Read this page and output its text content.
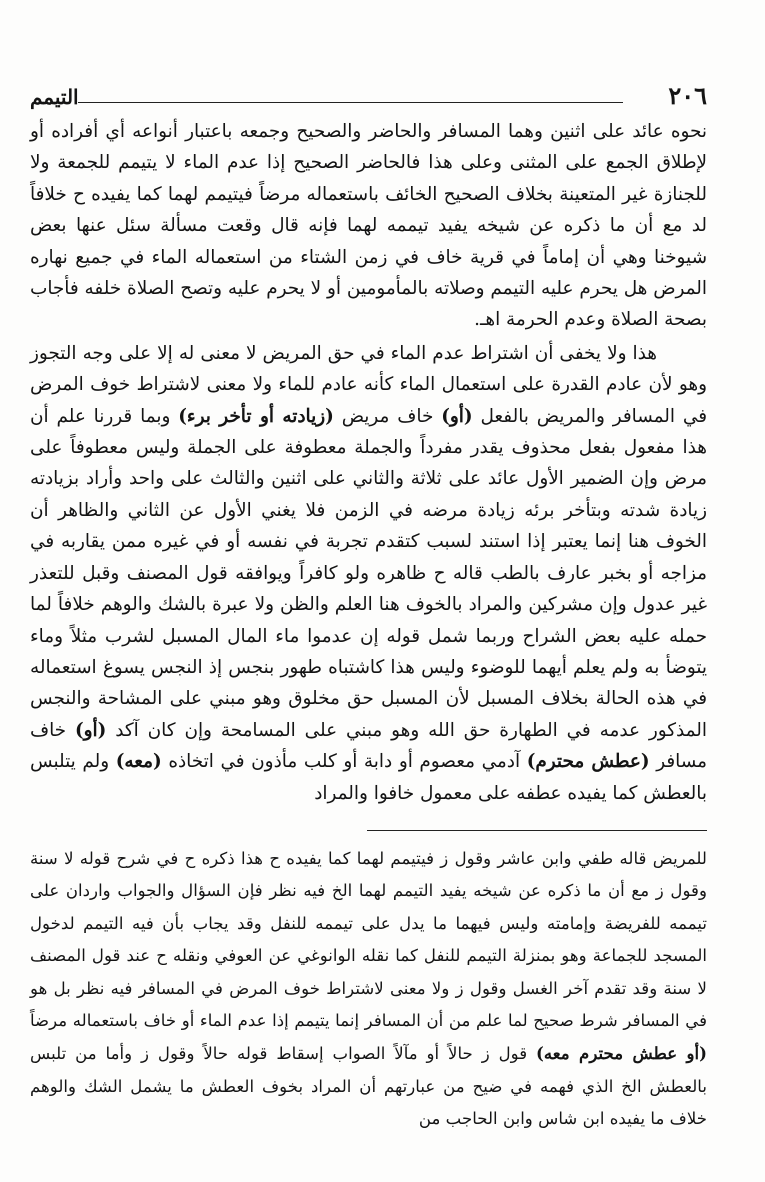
٢٠٦
التيمم

نحوه عائد على اثنين وهما المسافر والحاضر والصحيح وجمعه باعتبار أنواعه أي أفراده أو لإطلاق الجمع على المثنى وعلى هذا فالحاضر الصحيح إذا عدم الماء لا يتيمم للجمعة ولا للجنازة غير المتعينة بخلاف الصحيح الخائف باستعماله مرضاً فيتيمم لهما كما يفيده ح خلافاً لد مع أن ما ذكره عن شيخه يفيد تيممه لهما فإنه قال وقعت مسألة سئل عنها بعض شيوخنا وهي أن إماماً في قرية خاف في زمن الشتاء من استعماله الماء في جميع نهاره المرض هل يحرم عليه التيمم وصلاته بالمأمومين أو لا يحرم عليه وتصح الصلاة خلفه فأجاب بصحة الصلاة وعدم الحرمة اهـ.

هذا ولا يخفى أن اشتراط عدم الماء في حق المريض لا معنى له إلا على وجه التجوز وهو لأن عادم القدرة على استعمال الماء كأنه عادم للماء ولا معنى لاشتراط خوف المرض في المسافر والمريض بالفعل (أو) خاف مريض (زيادته أو تأخر برء) وبما قررنا علم أن هذا مفعول بفعل محذوف يقدر مفرداً والجملة معطوفة على الجملة وليس معطوفاً على مرض وإن الضمير الأول عائد على ثلاثة والثاني على اثنين والثالث على واحد وأراد بزيادته زيادة شدته وبتأخر برئه زيادة مرضه في الزمن فلا يغني الأول عن الثاني والظاهر أن الخوف هنا إنما يعتبر إذا استند لسبب كتقدم تجربة في نفسه أو في غيره ممن يقاربه في مزاجه أو بخبر عارف بالطب قاله ح ظاهره ولو كافراً ويوافقه قول المصنف وقبل للتعذر غير عدول وإن مشركين والمراد بالخوف هنا العلم والظن ولا عبرة بالشك والوهم خلافاً لما حمله عليه بعض الشراح وربما شمل قوله إن عدموا ماء المال المسبل لشرب مثلاً وماء يتوضأ به ولم يعلم أيهما للوضوء وليس هذا كاشتباه طهور بنجس إذ النجس يسوغ استعماله في هذه الحالة بخلاف المسبل لأن المسبل حق مخلوق وهو مبني على المشاحة والنجس المذكور عدمه في الطهارة حق الله وهو مبني على المسامحة وإن كان آكد (أو) خاف مسافر (عطش محترم) آدمي معصوم أو دابة أو كلب مأذون في اتخاذه (معه) ولم يتلبس بالعطش كما يفيده عطفه على معمول خافوا والمراد

للمريض قاله طفي وابن عاشر وقول ز فيتيمم لهما كما يفيده ح هذا ذكره ح في شرح قوله لا سنة وقول ز مع أن ما ذكره عن شيخه يفيد التيمم لهما الخ فيه نظر فإن السؤال والجواب واردان على تيممه للفريضة وإمامته وليس فيهما ما يدل على تيممه للنفل وقد يجاب بأن فيه التيمم لدخول المسجد للجماعة وهو بمنزلة التيمم للنفل كما نقله الوانوغي عن العوفي ونقله ح عند قول المصنف لا سنة وقد تقدم آخر الغسل وقول ز ولا معنى لاشتراط خوف المرض في المسافر فيه نظر بل هو في المسافر شرط صحيح لما علم من أن المسافر إنما يتيمم إذا عدم الماء أو خاف باستعماله مرضاً (أو عطش محترم معه) قول ز حالاً أو مآلاً الصواب إسقاط قوله حالاً وقول ز وأما من تلبس بالعطش الخ الذي فهمه في ضيح من عبارتهم أن المراد بخوف العطش ما يشمل الشك والوهم خلاف ما يفيده ابن شاس وابن الحاجب من
